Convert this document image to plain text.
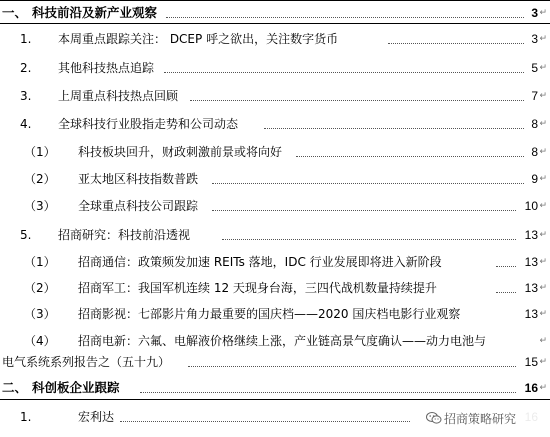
一、 科技前沿及新产业观察	3 ↵
1. 本周重点跟踪关注： DCEP 呼之欲出，关注数字货币	3 ↵
2. 其他科技热点追踪	5 ↵
3. 上周重点科技热点回顾	7 ↵
4. 全球科技行业股指走势和公司动态	8 ↵
（1） 科技板块回升，财政刺激前景或将向好	8 ↵
（2） 亚太地区科技指数普跌	9 ↵
（3） 全球重点科技公司跟踪	10 ↵
5. 招商研究：科技前沿透视	13 ↵
（1） 招商通信：政策频发加速 REITs 落地，IDC 行业发展即将进入新阶段	13 ↵
（2） 招商军工：我国军机连续 12 天现身台海，三四代战机数量持续提升	13 ↵
（3） 招商影视：七部影片角力最重要的国庆档——2020 国庆档电影行业观察	13 ↵
（4） 招商电新：六氟、电解液价格继续上涨，产业链高景气度确认——动力电池与	↵
电气系统系列报告之（五十九）	15 ↵
二、 科创板企业跟踪	16 ↵
1.	宏利达	招商策略研究
